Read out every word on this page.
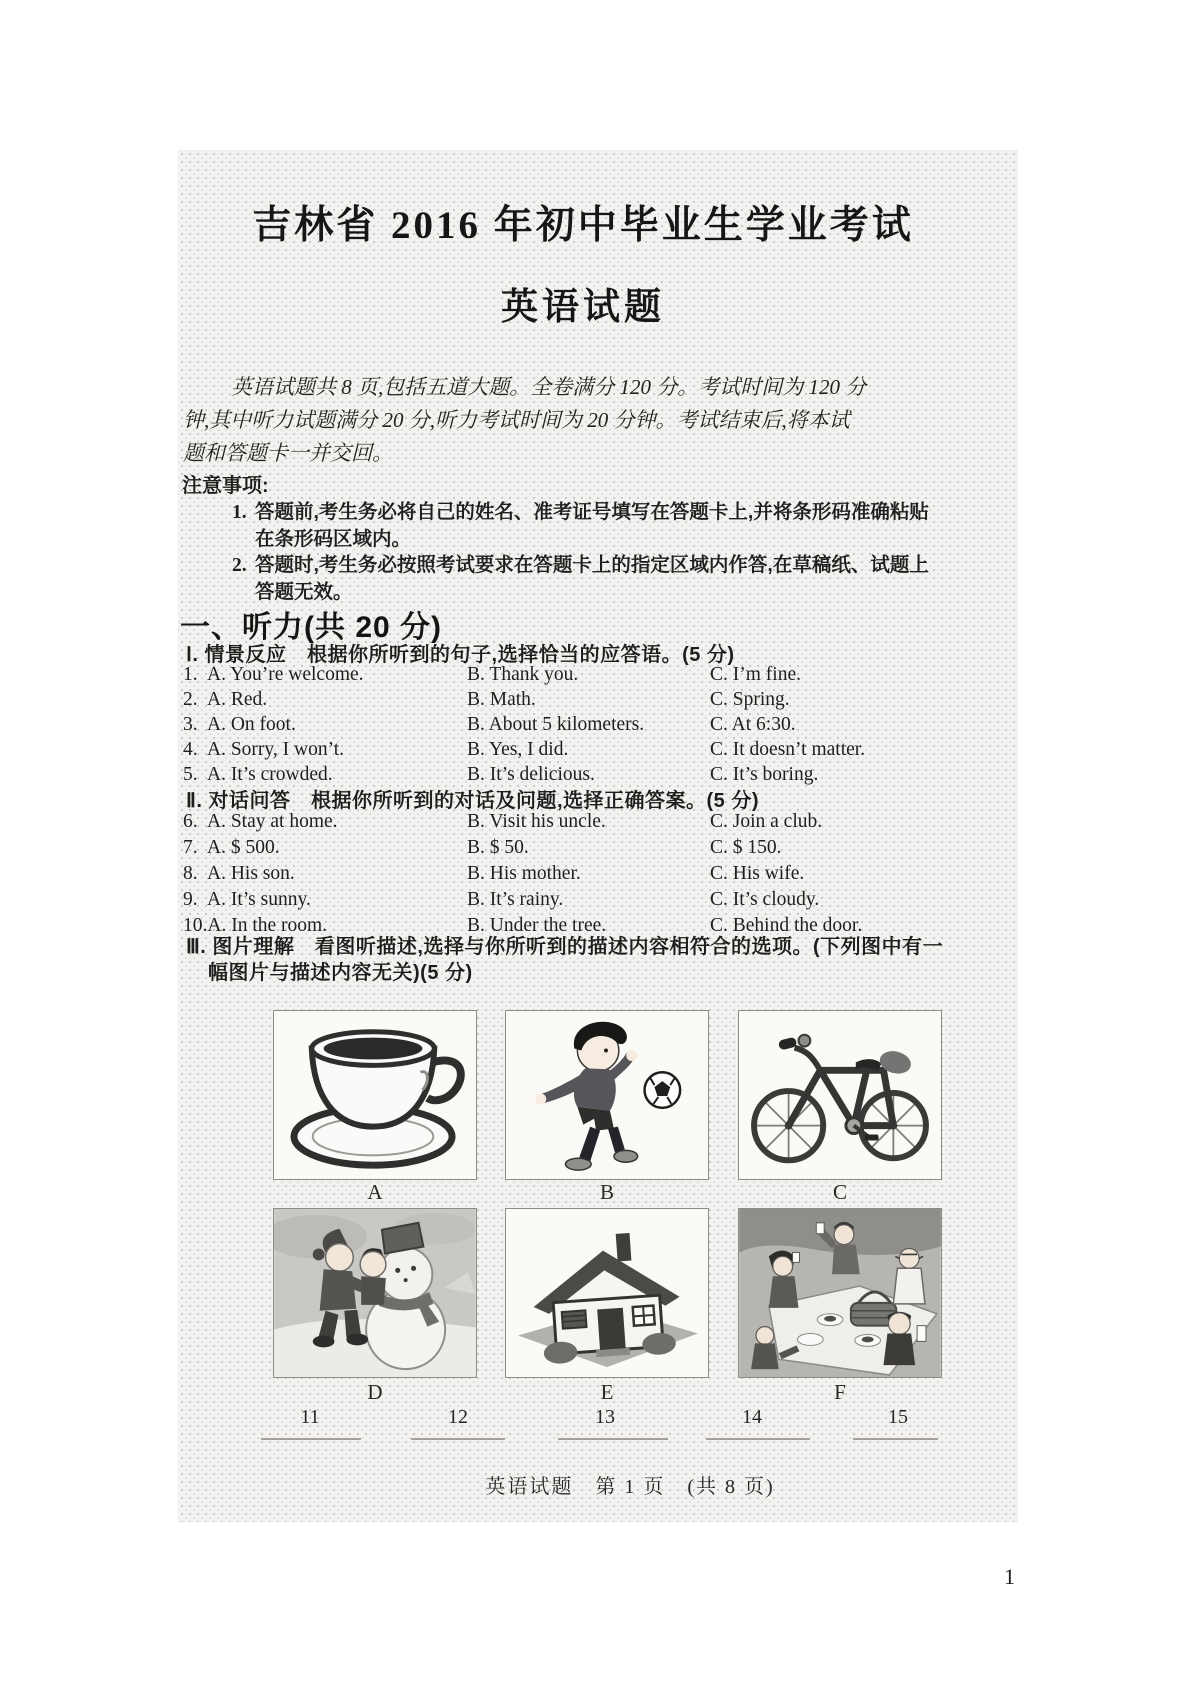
吉林省 2016 年初中毕业生学业考试
英语试题
英语试题共 8 页,包括五道大题。全卷满分 120 分。考试时间为 120 分
钟,其中听力试题满分 20 分,听力考试时间为 20 分钟。考试结束后,将本试
题和答题卡一并交回。
注意事项:
1. 答题前,考生务必将自己的姓名、准考证号填写在答题卡上,并将条形码准确粘贴
在条形码区域内。
2. 答题时,考生务必按照考试要求在答题卡上的指定区域内作答,在草稿纸、试题上
答题无效。
一、听力(共 20 分)
Ⅰ. 情景反应　根据你所听到的句子,选择恰当的应答语。(5 分)
1. A. You’re welcome.	B. Thank you.	C. I’m fine.
2. A. Red.	B. Math.	C. Spring.
3. A. On foot.	B. About 5 kilometers.	C. At 6:30.
4. A. Sorry, I won’t.	B. Yes, I did.	C. It doesn’t matter.
5. A. It’s crowded.	B. It’s delicious.	C. It’s boring.
Ⅱ. 对话问答　根据你所听到的对话及问题,选择正确答案。(5 分)
6. A. Stay at home.	B. Visit his uncle.	C. Join a club.
7. A. $ 500.	B. $ 50.	C. $ 150.
8. A. His son.	B. His mother.	C. His wife.
9. A. It’s sunny.	B. It’s rainy.	C. It’s cloudy.
10.A. In the room.	B. Under the tree.	C. Behind the door.
Ⅲ. 图片理解　看图听描述,选择与你所听到的描述内容相符合的选项。(下列图中有一
幅图片与描述内容无关)(5 分)
A	B	C
D	E	F
11	12	13	14	15
英语试题　第 1 页　(共 8 页)
1
